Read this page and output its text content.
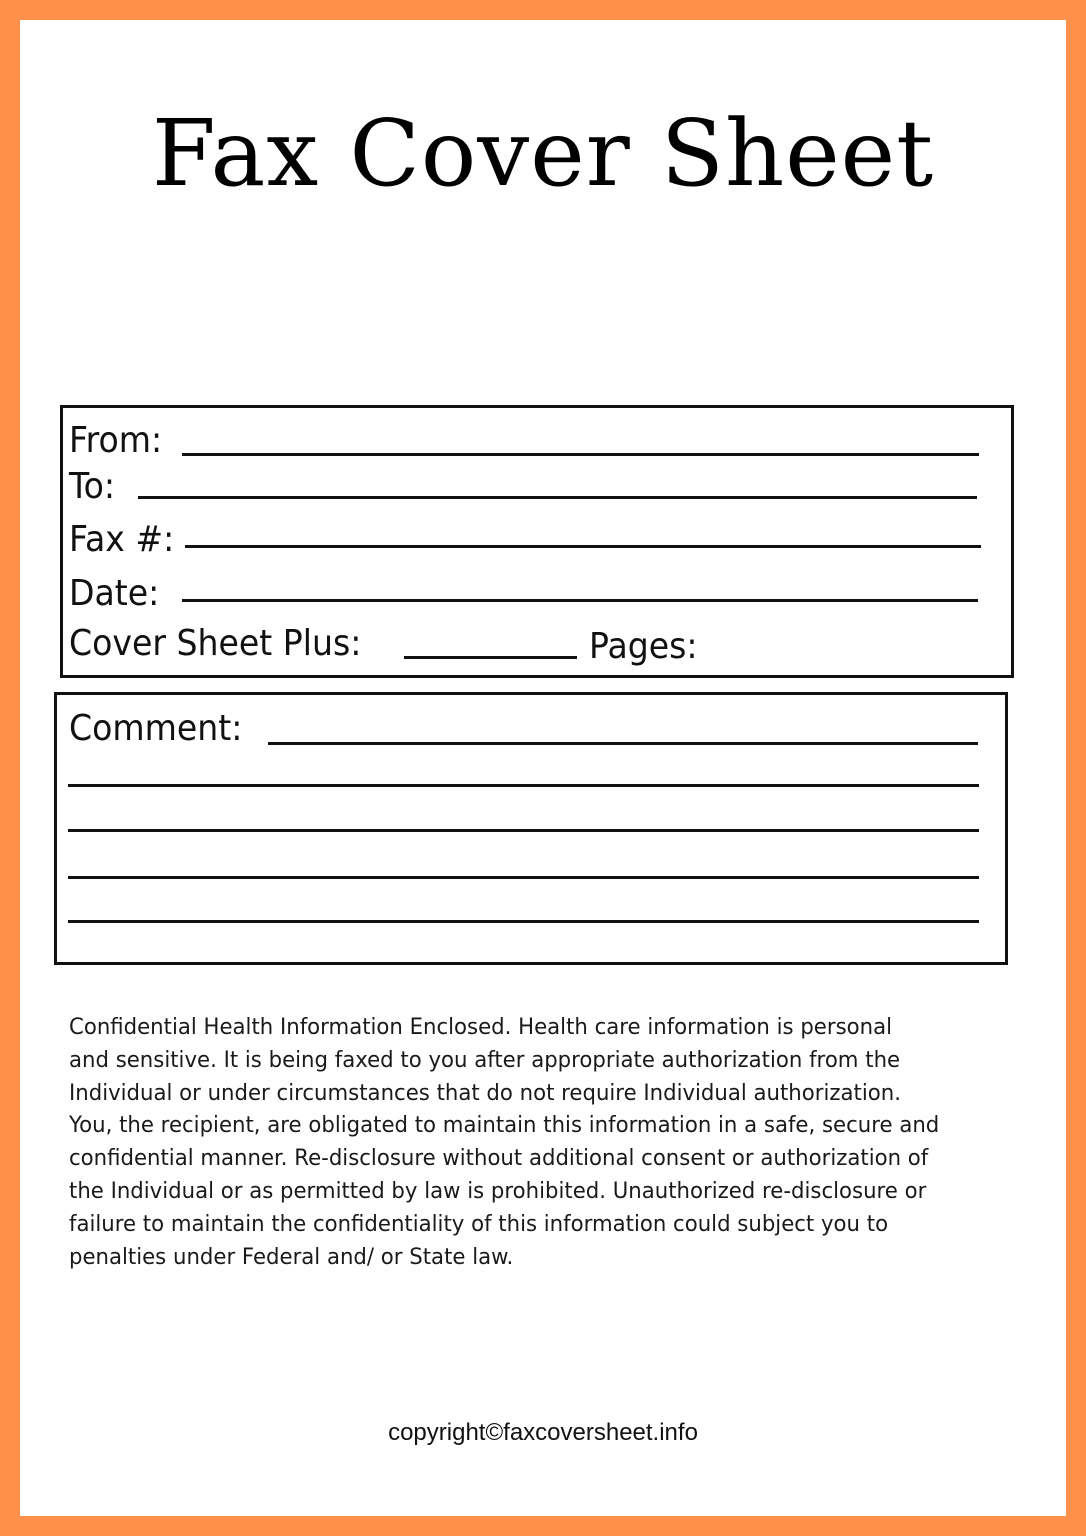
Fax Cover Sheet
From:
To:
Fax #:
Date:
Cover Sheet Plus:	Pages:
Comment:
Confidential Health Information Enclosed. Health care information is personal
and sensitive. It is being faxed to you after appropriate authorization from the
Individual or under circumstances that do not require Individual authorization.
You, the recipient, are obligated to maintain this information in a safe, secure and
confidential manner. Re-disclosure without additional consent or authorization of
the Individual or as permitted by law is prohibited. Unauthorized re-disclosure or
failure to maintain the confidentiality of this information could subject you to
penalties under Federal and/ or State law.
copyright©faxcoversheet.info
